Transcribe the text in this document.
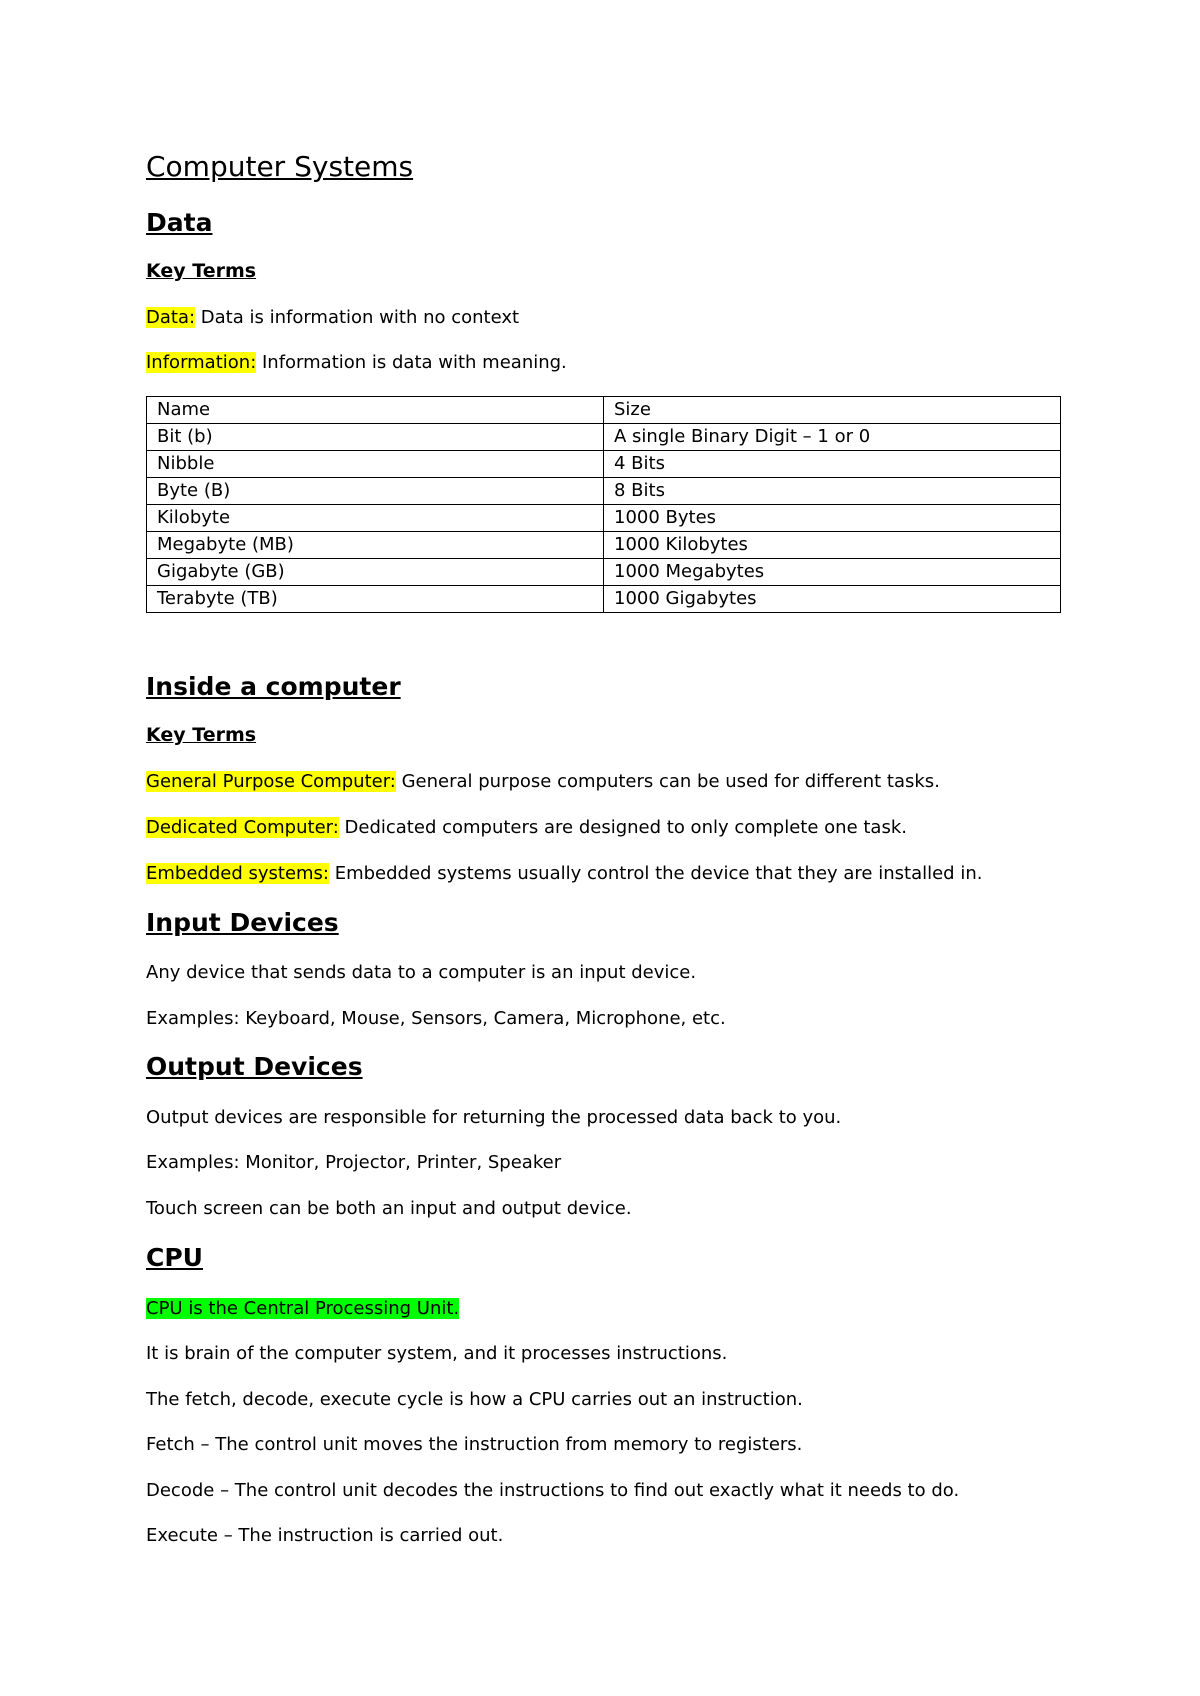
Computer Systems
Data
Key Terms

Data: Data is information with no context

Information: Information is data with meaning.

Name	Size
Bit (b)	A single Binary Digit – 1 or 0
Nibble	4 Bits
Byte (B)	8 Bits
Kilobyte	1000 Bytes
Megabyte (MB)	1000 Kilobytes
Gigabyte (GB)	1000 Megabytes
Terabyte (TB)	1000 Gigabytes
Inside a computer
Key Terms

General Purpose Computer: General purpose computers can be used for different tasks.

Dedicated Computer: Dedicated computers are designed to only complete one task.

Embedded systems: Embedded systems usually control the device that they are installed in.

Input Devices

Any device that sends data to a computer is an input device.

Examples: Keyboard, Mouse, Sensors, Camera, Microphone, etc.

Output Devices

Output devices are responsible for returning the processed data back to you.

Examples: Monitor, Projector, Printer, Speaker

Touch screen can be both an input and output device.

CPU

CPU is the Central Processing Unit.

It is brain of the computer system, and it processes instructions.

The fetch, decode, execute cycle is how a CPU carries out an instruction.

Fetch – The control unit moves the instruction from memory to registers.

Decode – The control unit decodes the instructions to find out exactly what it needs to do.

Execute – The instruction is carried out.
